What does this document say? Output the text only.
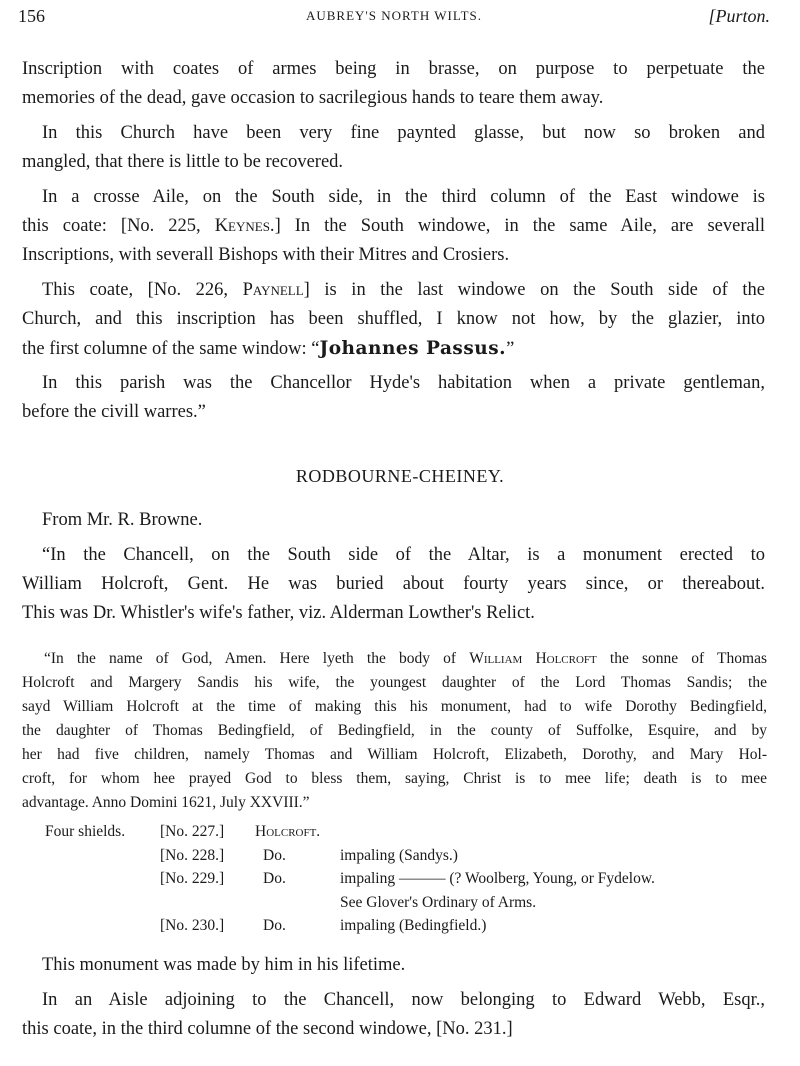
156	AUBREY'S NORTH WILTS.	[Purton.
Inscription with coates of armes being in brasse, on purpose to perpetuate the
memories of the dead, gave occasion to sacrilegious hands to teare them away.
In this Church have been very fine paynted glasse, but now so broken and
mangled, that there is little to be recovered.
In a crosse Aile, on the South side, in the third column of the East windowe is
this coate: [No. 225, Keynes.] In the South windowe, in the same Aile, are severall
Inscriptions, with severall Bishops with their Mitres and Crosiers.
This coate, [No. 226, Paynell] is in the last windowe on the South side of the
Church, and this inscription has been shuffled, I know not how, by the glazier, into
the first columne of the same window: “Johannes Passus.”
In this parish was the Chancellor Hyde's habitation when a private gentleman,
before the civill warres.”
RODBOURNE-CHEINEY.
From Mr. R. Browne.
“In the Chancell, on the South side of the Altar, is a monument erected to
William Holcroft, Gent. He was buried about fourty years since, or thereabout.
This was Dr. Whistler's wife's father, viz. Alderman Lowther's Relict.
“In the name of God, Amen. Here lyeth the body of William Holcroft the sonne of Thomas
Holcroft and Margery Sandis his wife, the youngest daughter of the Lord Thomas Sandis; the
sayd William Holcroft at the time of making this his monument, had to wife Dorothy Bedingfield,
the daughter of Thomas Bedingfield, of Bedingfield, in the county of Suffolke, Esquire, and by
her had five children, namely Thomas and William Holcroft, Elizabeth, Dorothy, and Mary Hol-
croft, for whom hee prayed God to bless them, saying, Christ is to mee life; death is to mee
advantage. Anno Domini 1621, July XXVIII.”
Four shields. [No. 227.] Holcroft.
[No. 228.]	Do.	impaling (Sandys.)
[No. 229.]	Do.	impaling ——— (? Woolberg, Young, or Fydelow.
See Glover's Ordinary of Arms.
[No. 230.]	Do.	impaling (Bedingfield.)
This monument was made by him in his lifetime.
In an Aisle adjoining to the Chancell, now belonging to Edward Webb, Esqr.,
this coate, in the third columne of the second windowe, [No. 231.]
